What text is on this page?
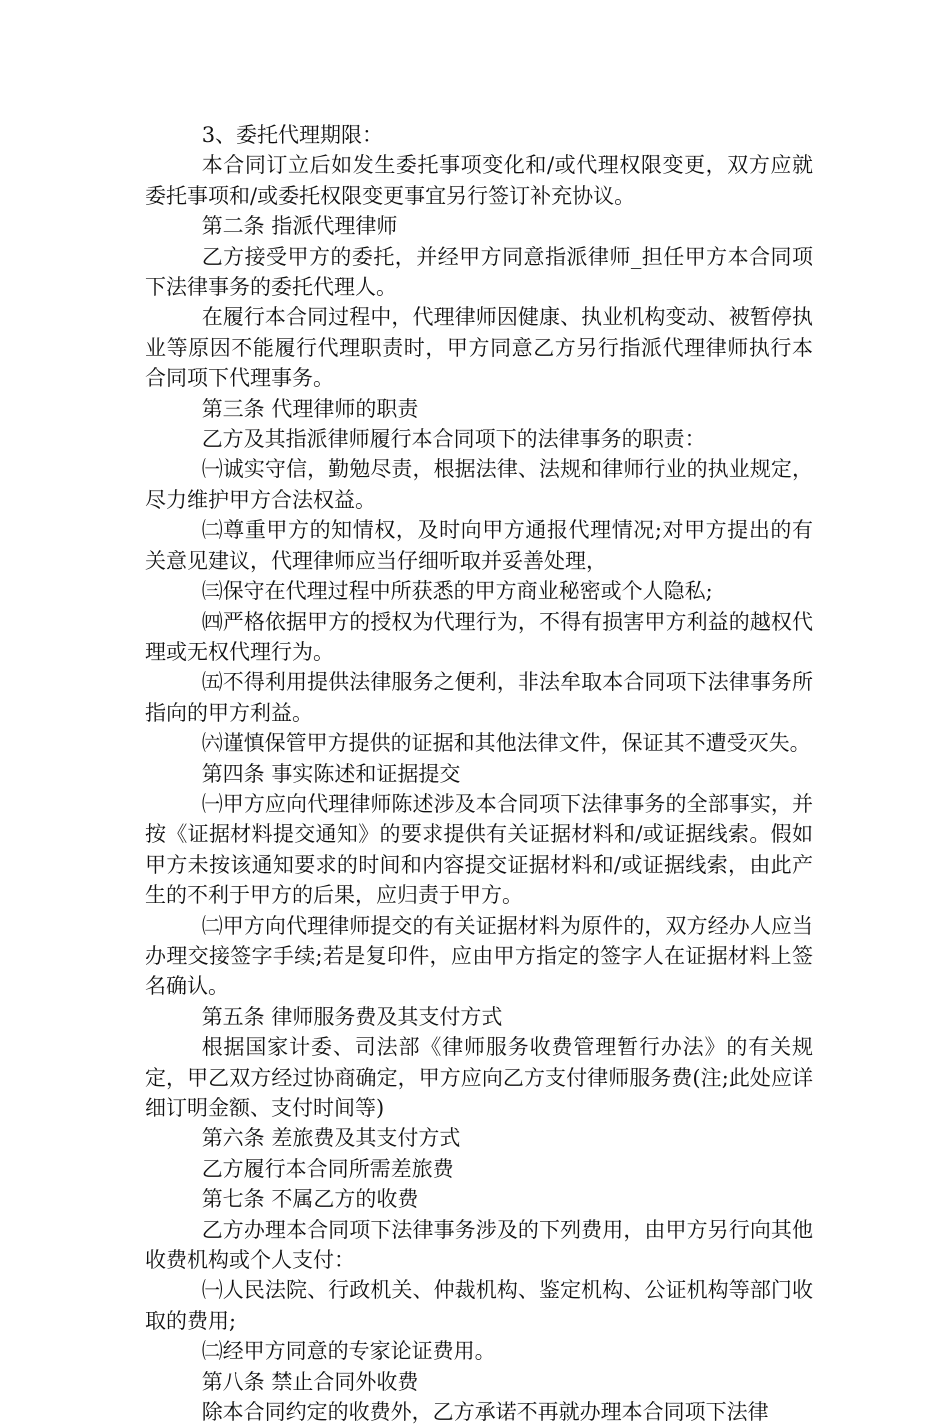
3、委托代理期限：

本合同订立后如发生委托事项变化和/或代理权限变更，双方应就委托事项和/或委托权限变更事宜另行签订补充协议。

第二条 指派代理律师

乙方接受甲方的委托，并经甲方同意指派律师_担任甲方本合同项下法律事务的委托代理人。

在履行本合同过程中，代理律师因健康、执业机构变动、被暂停执业等原因不能履行代理职责时，甲方同意乙方另行指派代理律师执行本合同项下代理事务。

第三条 代理律师的职责

乙方及其指派律师履行本合同项下的法律事务的职责：

㈠诚实守信，勤勉尽责，根据法律、法规和律师行业的执业规定，尽力维护甲方合法权益。

㈡尊重甲方的知情权，及时向甲方通报代理情况;对甲方提出的有关意见建议，代理律师应当仔细听取并妥善处理，

㈢保守在代理过程中所获悉的甲方商业秘密或个人隐私;

㈣严格依据甲方的授权为代理行为，不得有损害甲方利益的越权代理或无权代理行为。

㈤不得利用提供法律服务之便利，非法牟取本合同项下法律事务所指向的甲方利益。

㈥谨慎保管甲方提供的证据和其他法律文件，保证其不遭受灭失。

第四条 事实陈述和证据提交

㈠甲方应向代理律师陈述涉及本合同项下法律事务的全部事实，并按《证据材料提交通知》的要求提供有关证据材料和/或证据线索。假如甲方未按该通知要求的时间和内容提交证据材料和/或证据线索，由此产生的不利于甲方的后果，应归责于甲方。

㈡甲方向代理律师提交的有关证据材料为原件的，双方经办人应当办理交接签字手续;若是复印件，应由甲方指定的签字人在证据材料上签名确认。

第五条 律师服务费及其支付方式

根据国家计委、司法部《律师服务收费管理暂行办法》的有关规定，甲乙双方经过协商确定，甲方应向乙方支付律师服务费(注;此处应详细订明金额、支付时间等)

第六条 差旅费及其支付方式

乙方履行本合同所需差旅费

第七条 不属乙方的收费

乙方办理本合同项下法律事务涉及的下列费用，由甲方另行向其他收费机构或个人支付：

㈠人民法院、行政机关、仲裁机构、鉴定机构、公证机构等部门收取的费用;

㈡经甲方同意的专家论证费用。

第八条 禁止合同外收费

除本合同约定的收费外，乙方承诺不再就办理本合同项下法律
